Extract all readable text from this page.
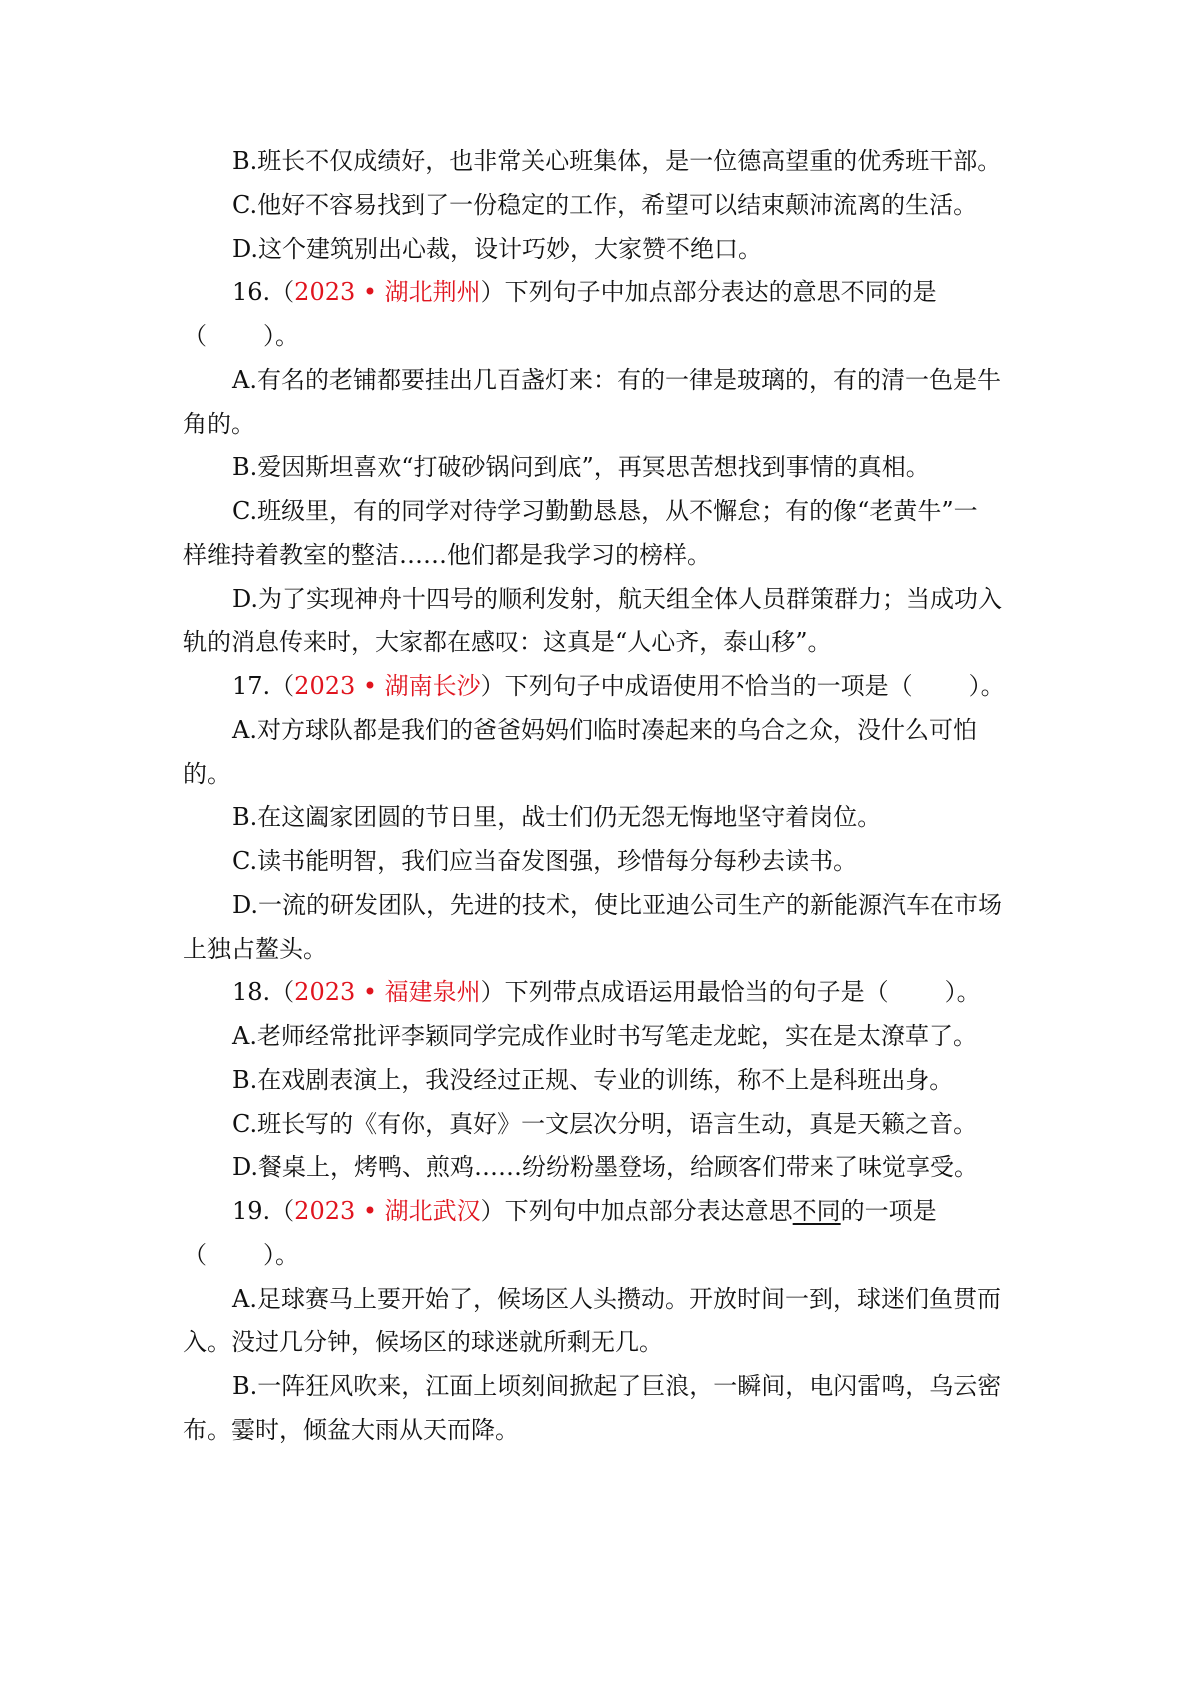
B.班长不仅成绩好，也非常关心班集体，是一位德高望重的优秀班干部。
C.他好不容易找到了一份稳定的工作，希望可以结束颠沛流离的生活。
D.这个建筑别出心裁，设计巧妙，大家赞不绝口。
16.（2023 • 湖北荆州）下列句子中加点部分表达的意思不同的是
（ ）。
A.有名的老铺都要挂出几百盏灯来：有的一律是玻璃的，有的清一色是牛
角的。
B.爱因斯坦喜欢“打破砂锅问到底”，再冥思苦想找到事情的真相。
C.班级里，有的同学对待学习勤勤恳恳，从不懈怠；有的像“老黄牛”一
样维持着教室的整洁……他们都是我学习的榜样。
D.为了实现神舟十四号的顺利发射，航天组全体人员群策群力；当成功入
轨的消息传来时，大家都在感叹：这真是“人心齐，泰山移”。
17.（2023 • 湖南长沙）下列句子中成语使用不恰当的一项是（ ）。
A.对方球队都是我们的爸爸妈妈们临时凑起来的乌合之众，没什么可怕
的。
B.在这阖家团圆的节日里，战士们仍无怨无悔地坚守着岗位。
C.读书能明智，我们应当奋发图强，珍惜每分每秒去读书。
D.一流的研发团队，先进的技术，使比亚迪公司生产的新能源汽车在市场
上独占鳌头。
18.（2023 • 福建泉州）下列带点成语运用最恰当的句子是（ ）。
A.老师经常批评李颖同学完成作业时书写笔走龙蛇，实在是太潦草了。
B.在戏剧表演上，我没经过正规、专业的训练，称不上是科班出身。
C.班长写的《有你，真好》一文层次分明，语言生动，真是天籁之音。
D.餐桌上，烤鸭、煎鸡……纷纷粉墨登场，给顾客们带来了味觉享受。
19.（2023 • 湖北武汉）下列句中加点部分表达意思不同的一项是
（ ）。
A.足球赛马上要开始了，候场区人头攒动。开放时间一到，球迷们鱼贯而
入。没过几分钟，候场区的球迷就所剩无几。
B.一阵狂风吹来，江面上顷刻间掀起了巨浪，一瞬间，电闪雷鸣，乌云密
布。霎时，倾盆大雨从天而降。
